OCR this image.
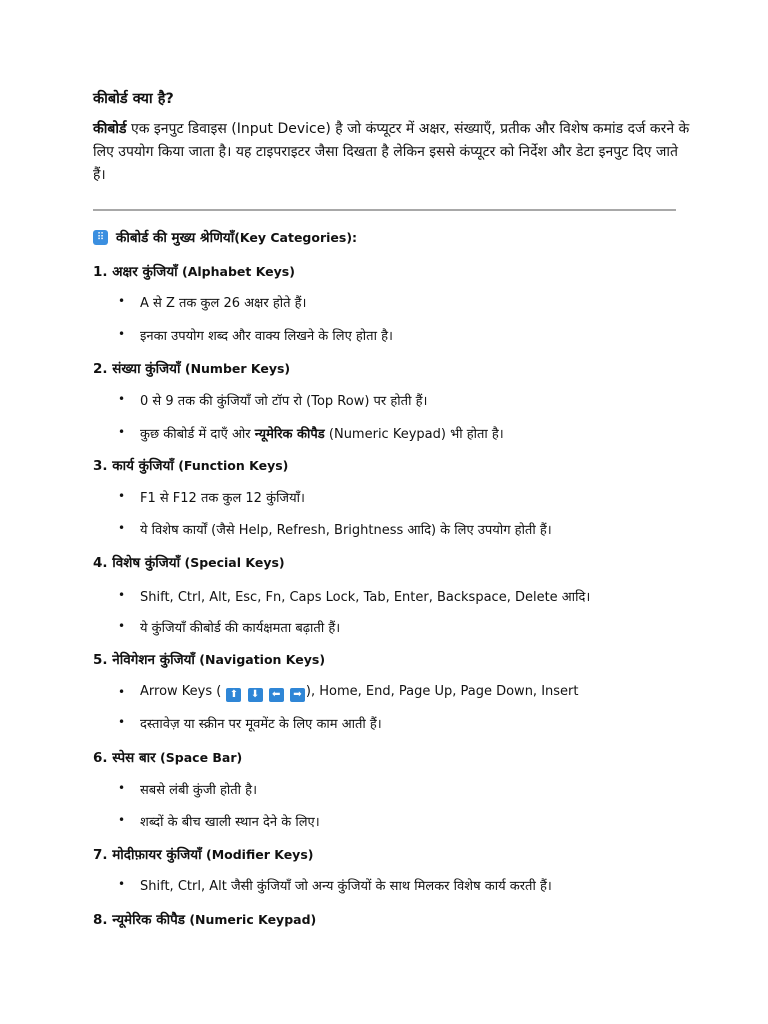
कीबोर्ड क्या है?

कीबोर्ड एक इनपुट डिवाइस (Input Device) है जो कंप्यूटर में अक्षर, संख्याएँ, प्रतीक और विशेष कमांड दर्ज करने के लिए उपयोग किया जाता है। यह टाइपराइटर जैसा दिखता है लेकिन इससे कंप्यूटर को निर्देश और डेटा इनपुट दिए जाते हैं।

⠿ कीबोर्ड की मुख्य श्रेणियाँ (Key Categories):
1. अक्षर कुंजियाँ (Alphabet Keys)

• A से Z तक कुल 26 अक्षर होते हैं।

• इनका उपयोग शब्द और वाक्य लिखने के लिए होता है।

2. संख्या कुंजियाँ (Number Keys)

• 0 से 9 तक की कुंजियाँ जो टॉप रो (Top Row) पर होती हैं।

• कुछ कीबोर्ड में दाएँ ओर न्यूमेरिक कीपैड (Numeric Keypad) भी होता है।

3. कार्य कुंजियाँ (Function Keys)

• F1 से F12 तक कुल 12 कुंजियाँ।

• ये विशेष कार्यों (जैसे Help, Refresh, Brightness आदि) के लिए उपयोग होती हैं।

4. विशेष कुंजियाँ (Special Keys)

• Shift, Ctrl, Alt, Esc, Fn, Caps Lock, Tab, Enter, Backspace, Delete आदि।

• ये कुंजियाँ कीबोर्ड की कार्यक्षमता बढ़ाती हैं।

5. नेविगेशन कुंजियाँ (Navigation Keys)

• Arrow Keys ( ⬆ ⬇ ⬅ ➡ ), Home, End, Page Up, Page Down, Insert

• दस्तावेज़ या स्क्रीन पर मूवमेंट के लिए काम आती हैं।

6. स्पेस बार (Space Bar)

• सबसे लंबी कुंजी होती है।

• शब्दों के बीच खाली स्थान देने के लिए।

7. मोदीफ़ायर कुंजियाँ (Modifier Keys)

• Shift, Ctrl, Alt जैसी कुंजियाँ जो अन्य कुंजियों के साथ मिलकर विशेष कार्य करती हैं।

8. न्यूमेरिक कीपैड (Numeric Keypad)
